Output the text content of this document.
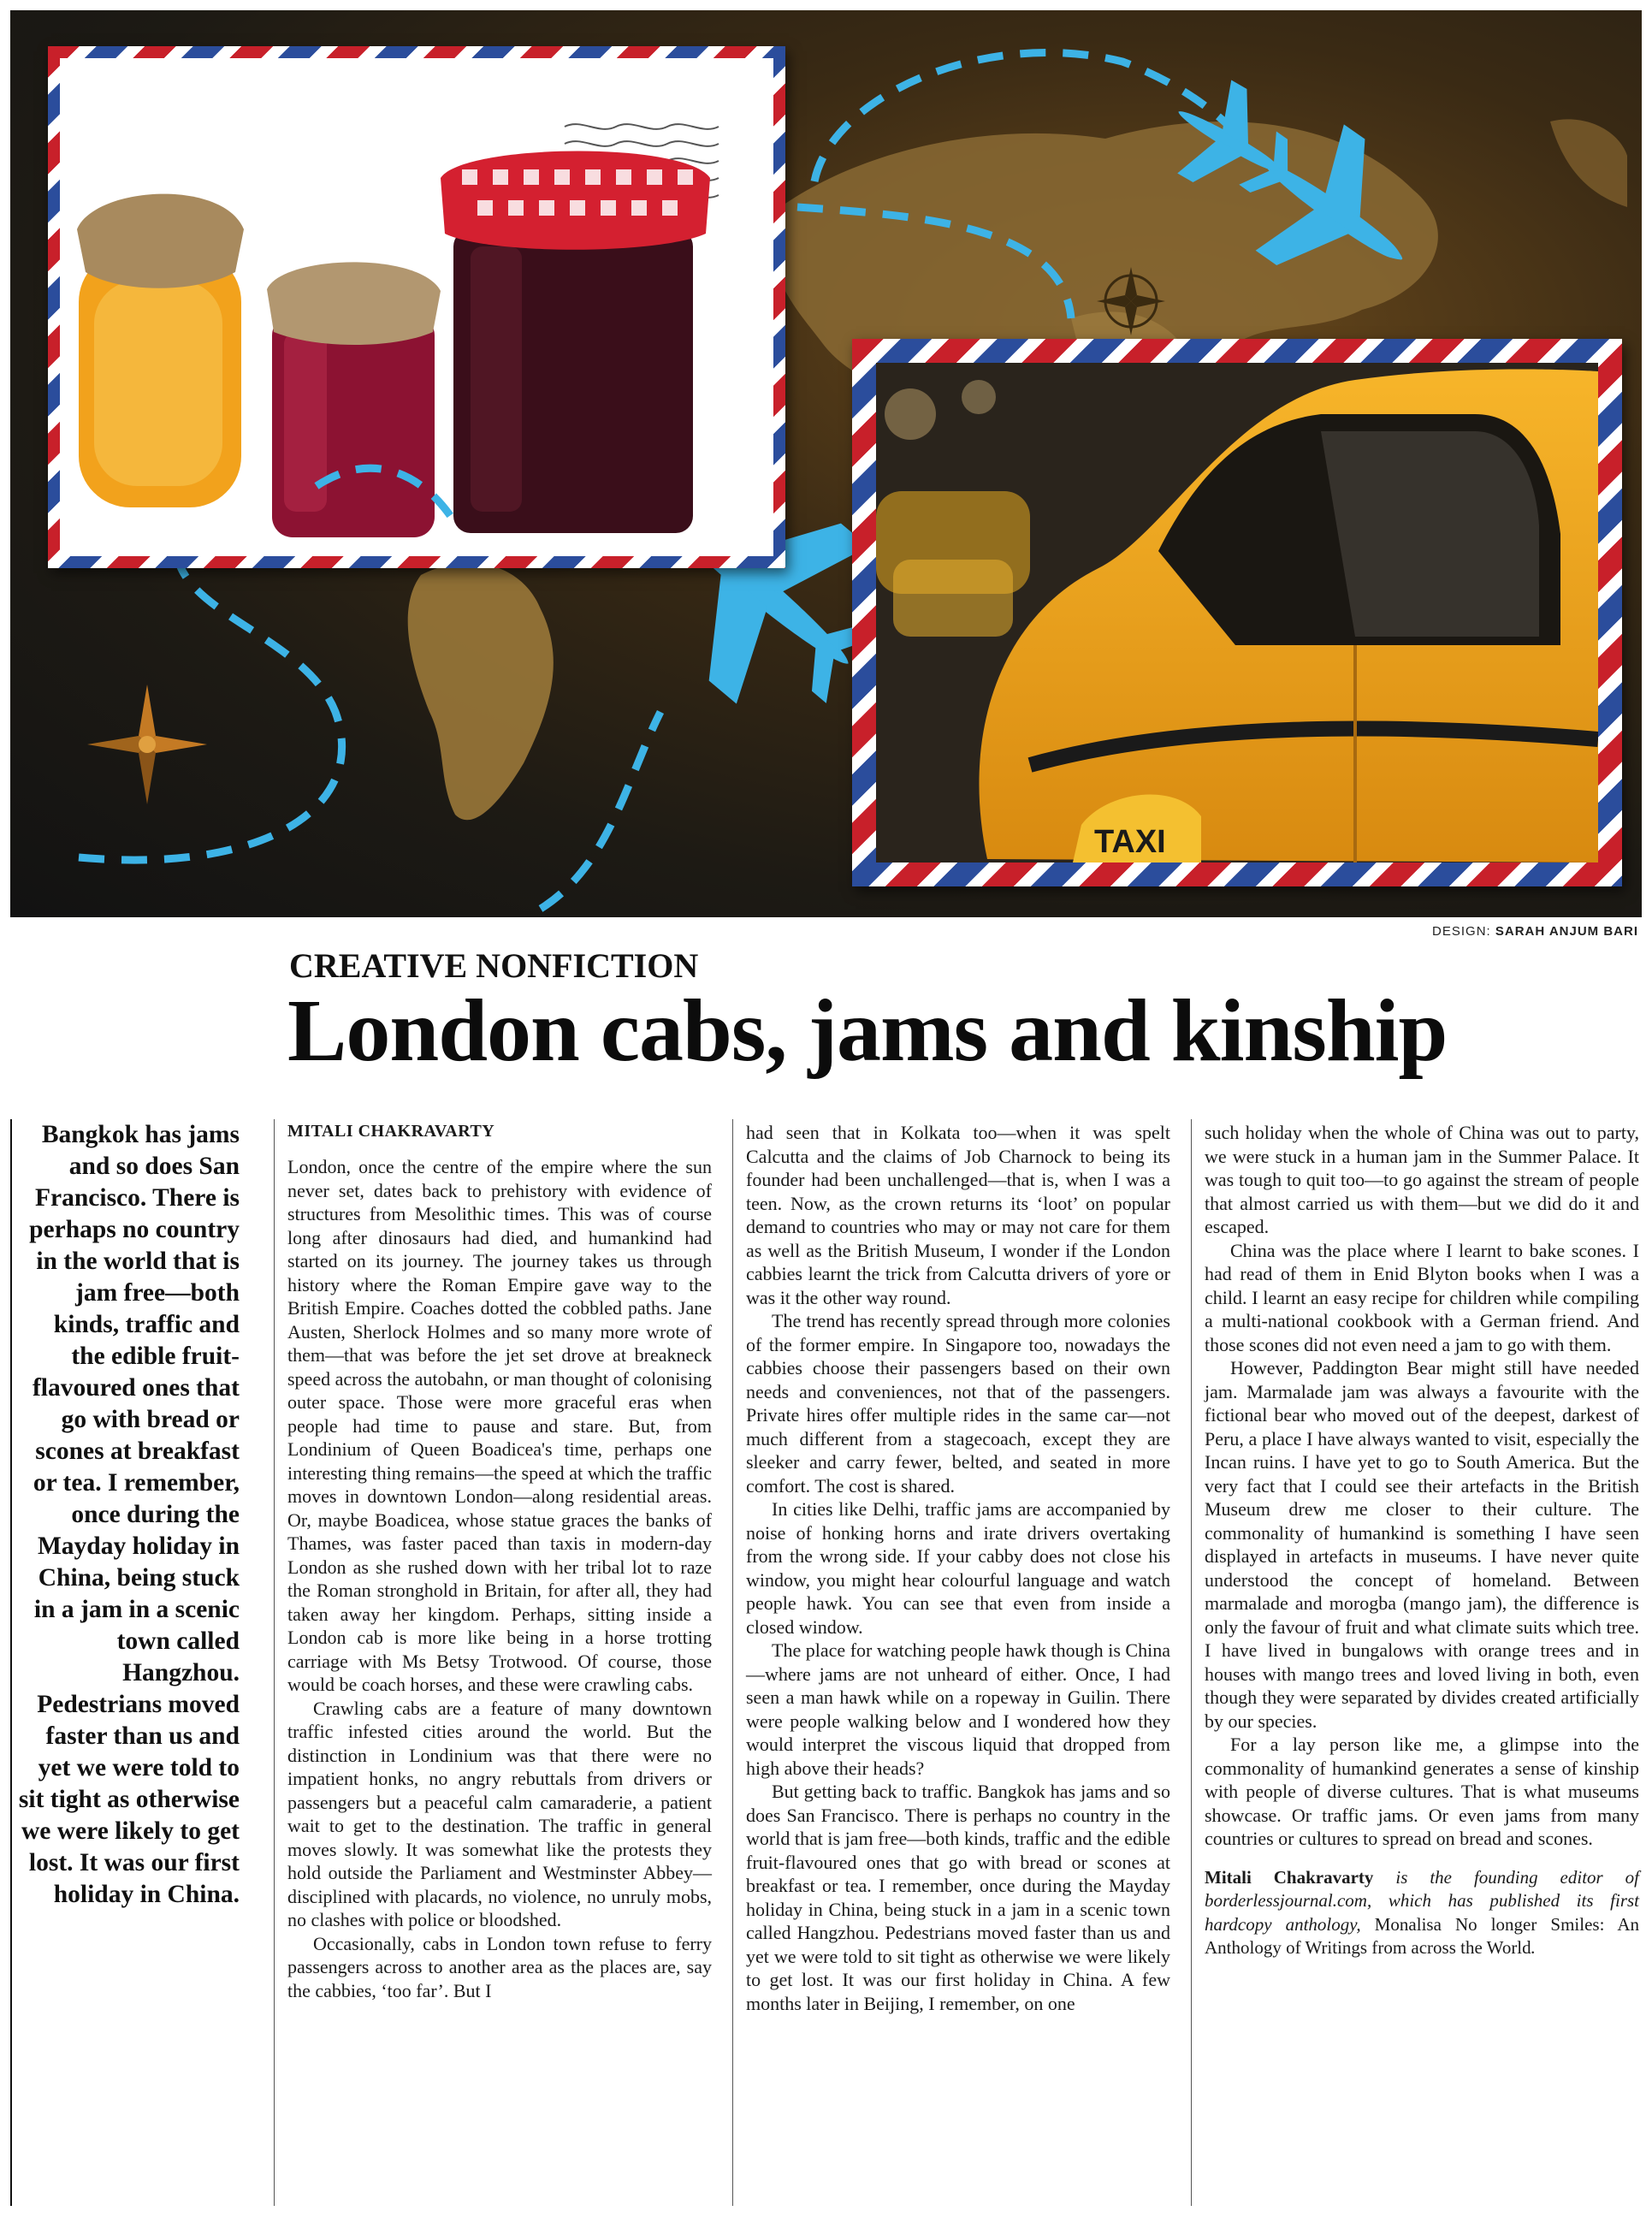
TAXI
DESIGN: SARAH ANJUM BARI
CREATIVE NONFICTION
London cabs, jams and kinship

Bangkok has jams and so does San Francisco. There is perhaps no country in the world that is jam free—both kinds, traffic and the edible fruit-flavoured ones that go with bread or scones at breakfast or tea. I remember, once during the Mayday holiday in China, being stuck in a jam in a scenic town called Hangzhou. Pedestrians moved faster than us and yet we were told to sit tight as otherwise we were likely to get lost. It was our first holiday in China.

MITALI CHAKRAVARTY

London, once the centre of the empire where the sun never set, dates back to prehistory with evidence of structures from Mesolithic times. This was of course long after dinosaurs had died, and humankind had started on its journey. The journey takes us through history where the Roman Empire gave way to the British Empire. Coaches dotted the cobbled paths. Jane Austen, Sherlock Holmes and so many more wrote of them—that was before the jet set drove at breakneck speed across the autobahn, or man thought of colonising outer space. Those were more graceful eras when people had time to pause and stare. But, from Londinium of Queen Boadicea's time, perhaps one interesting thing remains—the speed at which the traffic moves in downtown London—along residential areas. Or, maybe Boadicea, whose statue graces the banks of Thames, was faster paced than taxis in modern-day London as she rushed down with her tribal lot to raze the Roman stronghold in Britain, for after all, they had taken away her kingdom. Perhaps, sitting inside a London cab is more like being in a horse trotting carriage with Ms Betsy Trotwood. Of course, those would be coach horses, and these were crawling cabs.

Crawling cabs are a feature of many downtown traffic infested cities around the world. But the distinction in Londinium was that there were no impatient honks, no angry rebuttals from drivers or passengers but a peaceful calm camaraderie, a patient wait to get to the destination. The traffic in general moves slowly. It was somewhat like the protests they hold outside the Parliament and Westminster Abbey—disciplined with placards, no violence, no unruly mobs, no clashes with police or bloodshed.

Occasionally, cabs in London town refuse to ferry passengers across to another area as the places are, say the cabbies, ‘too far’. But I

had seen that in Kolkata too—when it was spelt Calcutta and the claims of Job Charnock to being its founder had been unchallenged—that is, when I was a teen. Now, as the crown returns its ‘loot’ on popular demand to countries who may or may not care for them as well as the British Museum, I wonder if the London cabbies learnt the trick from Calcutta drivers of yore or was it the other way round.

The trend has recently spread through more colonies of the former empire. In Singapore too, nowadays the cabbies choose their passengers based on their own needs and conveniences, not that of the passengers. Private hires offer multiple rides in the same car—not much different from a stagecoach, except they are sleeker and carry fewer, belted, and seated in more comfort. The cost is shared.

In cities like Delhi, traffic jams are accompanied by noise of honking horns and irate drivers overtaking from the wrong side. If your cabby does not close his window, you might hear colourful language and watch people hawk. You can see that even from inside a closed window.

The place for watching people hawk though is China—where jams are not unheard of either. Once, I had seen a man hawk while on a ropeway in Guilin. There were people walking below and I wondered how they would interpret the viscous liquid that dropped from high above their heads?

But getting back to traffic. Bangkok has jams and so does San Francisco. There is perhaps no country in the world that is jam free—both kinds, traffic and the edible fruit-flavoured ones that go with bread or scones at breakfast or tea. I remember, once during the Mayday holiday in China, being stuck in a jam in a scenic town called Hangzhou. Pedestrians moved faster than us and yet we were told to sit tight as otherwise we were likely to get lost. It was our first holiday in China. A few months later in Beijing, I remember, on one

such holiday when the whole of China was out to party, we were stuck in a human jam in the Summer Palace. It was tough to quit too—to go against the stream of people that almost carried us with them—but we did do it and escaped.

China was the place where I learnt to bake scones. I had read of them in Enid Blyton books when I was a child. I learnt an easy recipe for children while compiling a multi-national cookbook with a German friend. And those scones did not even need a jam to go with them.

However, Paddington Bear might still have needed jam. Marmalade jam was always a favourite with the fictional bear who moved out of the deepest, darkest of Peru, a place I have always wanted to visit, especially the Incan ruins. I have yet to go to South America. But the very fact that I could see their artefacts in the British Museum drew me closer to their culture. The commonality of humankind is something I have seen displayed in artefacts in museums. I have never quite understood the concept of homeland. Between marmalade and morogba (mango jam), the difference is only the favour of fruit and what climate suits which tree. I have lived in bungalows with orange trees and in houses with mango trees and loved living in both, even though they were separated by divides created artificially by our species.

For a lay person like me, a glimpse into the commonality of humankind generates a sense of kinship with people of diverse cultures. That is what museums showcase. Or traffic jams. Or even jams from many countries or cultures to spread on bread and scones.

Mitali Chakravarty is the founding editor of borderlessjournal.com, which has published its first hardcopy anthology, Monalisa No longer Smiles: An Anthology of Writings from across the World.
